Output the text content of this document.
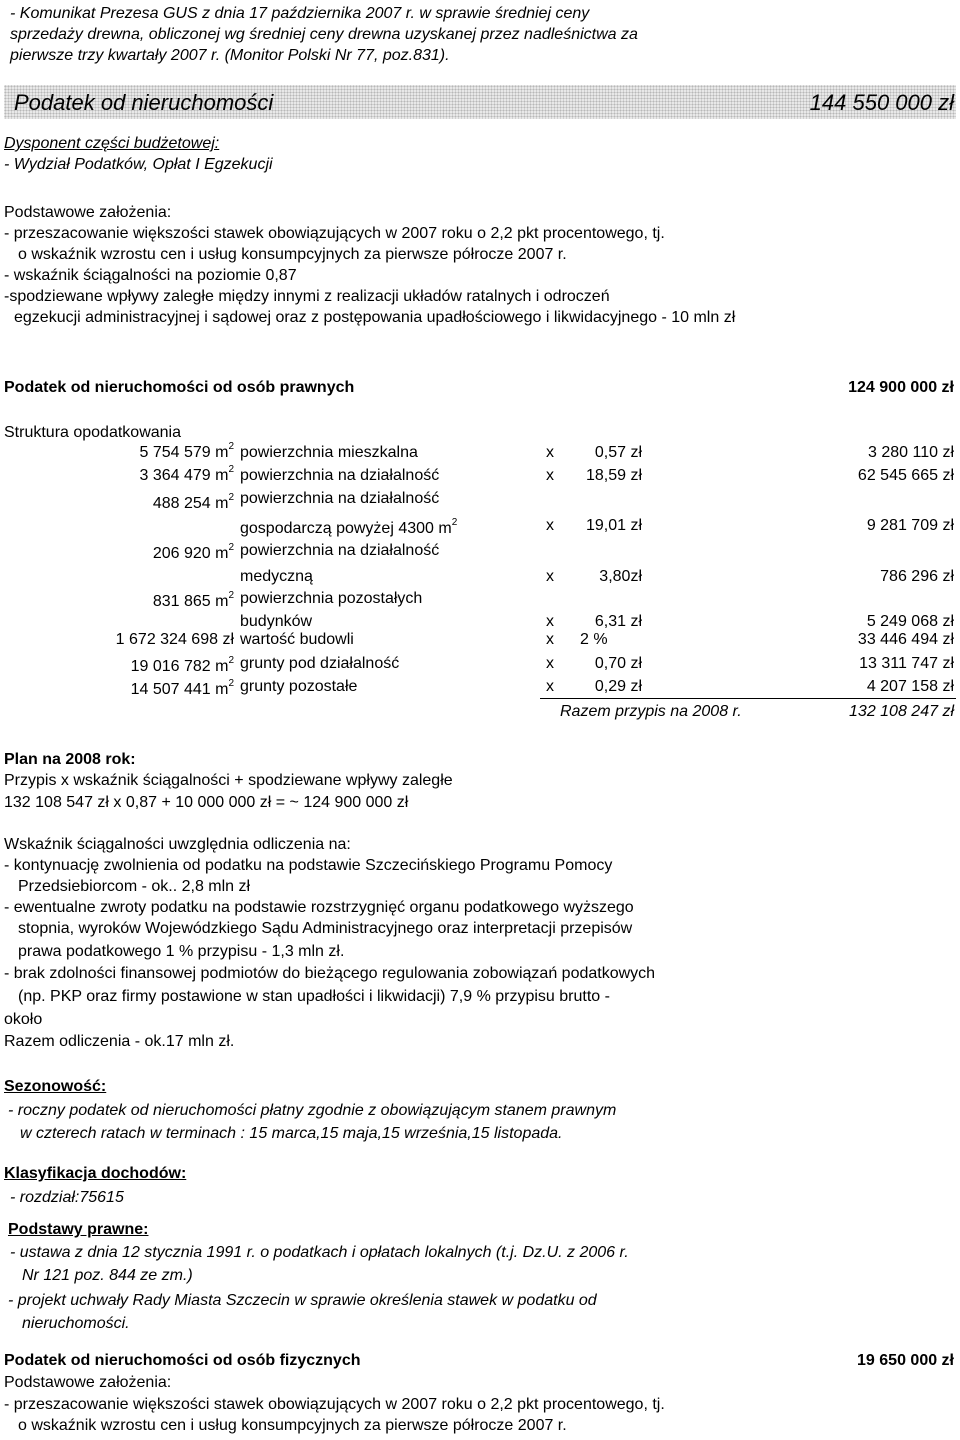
- Komunikat Prezesa GUS z dnia 17 października 2007 r. w sprawie średniej ceny
sprzedaży drewna, obliczonej wg średniej ceny drewna uzyskanej przez nadleśnictwa za
pierwsze trzy kwartały 2007 r. (Monitor Polski Nr 77, poz.831).
Podatek od nieruchomości	144 550 000 zł
Dysponent części budżetowej:
- Wydział Podatków, Opłat I Egzekucji
Podstawowe założenia:
- przeszacowanie większości stawek obowiązujących w 2007 roku o 2,2 pkt procentowego, tj.
o wskaźnik wzrostu cen i usług konsumpcyjnych za pierwsze półrocze 2007 r.
- wskaźnik ściągalności na poziomie 0,87
-spodziewane wpływy zaległe między innymi z realizacji układów ratalnych i odroczeń
egzekucji administracyjnej i sądowej oraz z postępowania upadłościowego i likwidacyjnego - 10 mln zł
Podatek od nieruchomości od osób prawnych	124 900 000 zł
Struktura opodatkowania
5 754 579 $m^2$ powierzchnia mieszkalna	x	0,57 zł	3 280 110 zł
3 364 479 $m^2$ powierzchnia na działalność	x 18,59 zł	62 545 665 zł
488 254 $m^2$ powierzchnia na działalność
gospodarczą powyżej 4300 $m^2$	x 19,01 zł	9 281 709 zł
206 920 $m^2$ powierzchnia na działalność
medyczną	x	3,80zł	786 296 zł
831 865 $m^2$ powierzchnia pozostałych
budynków	x	6,31 zł	5 249 068 zł
1 672 324 698 zł wartość budowli	x 2 %	33 446 494 zł
19 016 782 $m^2$ grunty pod działalność	x	0,70 zł	13 311 747 zł
14 507 441 $m^2$ grunty pozostałe	x	0,29 zł	4 207 158 zł
Razem przypis na 2008 r.	132 108 247 zł
Plan na 2008 rok:
Przypis x wskaźnik ściągalności + spodziewane wpływy zaległe
132 108 547 zł x 0,87 + 10 000 000 zł = ~ 124 900 000 zł
Wskaźnik ściągalności uwzględnia odliczenia na:
- kontynuację zwolnienia od podatku na podstawie Szczecińskiego Programu Pomocy
Przedsiebiorcom - ok.. 2,8 mln zł
- ewentualne zwroty podatku na podstawie rozstrzygnięć organu podatkowego wyższego
stopnia, wyroków Wojewódzkiego Sądu Administracyjnego oraz interpretacji przepisów
prawa podatkowego 1 % przypisu - 1,3 mln zł.
- brak zdolności finansowej podmiotów do bieżącego regulowania zobowiązań podatkowych
(np. PKP oraz firmy postawione w stan upadłości i likwidacji) 7,9 % przypisu brutto -
około
Razem odliczenia - ok.17 mln zł.
Sezonowość:
- roczny podatek od nieruchomości płatny zgodnie z obowiązującym stanem prawnym
w czterech ratach w terminach : 15 marca,15 maja,15 września,15 listopada.
Klasyfikacja dochodów:
- rozdział:75615
Podstawy prawne:
- ustawa z dnia 12 stycznia 1991 r. o podatkach i opłatach lokalnych (t.j. Dz.U. z 2006 r.
Nr 121 poz. 844 ze zm.)
- projekt uchwały Rady Miasta Szczecin w sprawie określenia stawek w podatku od
nieruchomości.
Podatek od nieruchomości od osób fizycznych	19 650 000 zł
Podstawowe założenia:
- przeszacowanie większości stawek obowiązujących w 2007 roku o 2,2 pkt procentowego, tj.
o wskaźnik wzrostu cen i usług konsumpcyjnych za pierwsze półrocze 2007 r.
